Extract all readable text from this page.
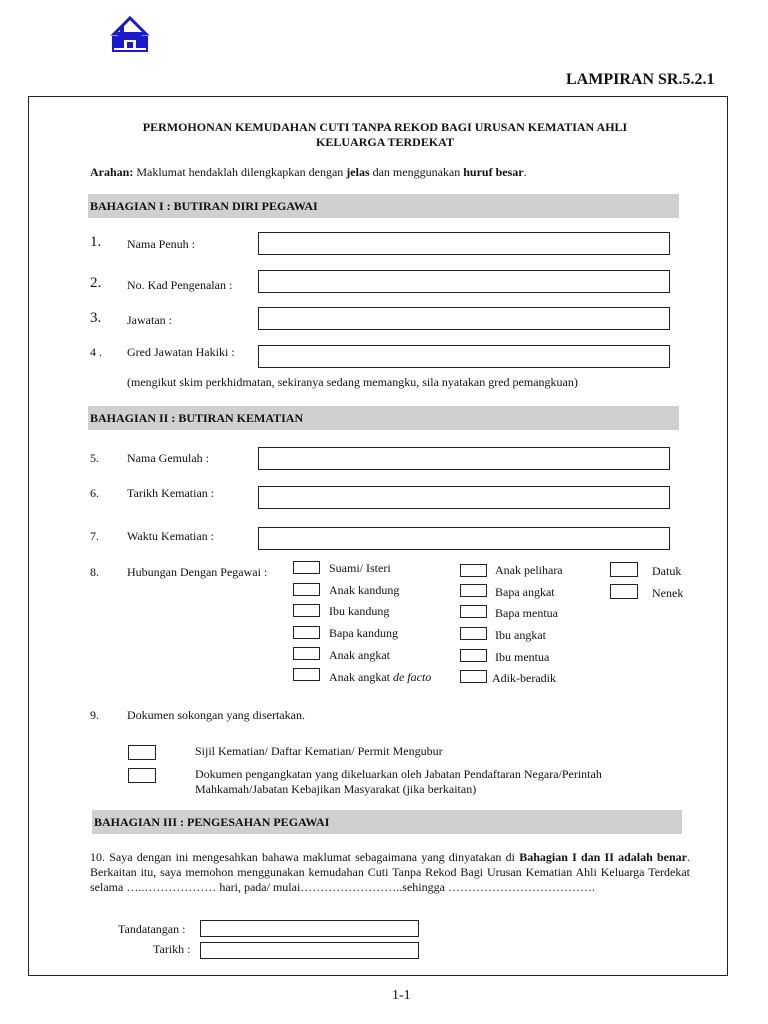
LAMPIRAN SR.5.2.1
PERMOHONAN KEMUDAHAN CUTI TANPA REKOD BAGI URUSAN KEMATIAN AHLI
KELUARGA TERDEKAT
Arahan: Maklumat hendaklah dilengkapkan dengan jelas dan menggunakan huruf besar.
BAHAGIAN I : BUTIRAN DIRI PEGAWAI
1. Nama Penuh :
2. No. Kad Pengenalan :
3. Jawatan :
4 . Gred Jawatan Hakiki :
(mengikut skim perkhidmatan, sekiranya sedang memangku, sila nyatakan gred pemangkuan)
BAHAGIAN II : BUTIRAN KEMATIAN
5. Nama Gemulah :
6. Tarikh Kematian :
7. Waktu Kematian :
8. Hubungan Dengan Pegawai :	Suami/ Isteri
Anak kandung
Ibu kandung
Bapa kandung
Anak angkat
Anak angkat de facto
Anak pelihara
Bapa angkat
Bapa mentua
Ibu angkat
Ibu mentua
Adik-beradik
Datuk
Nenek
9. Dokumen sokongan yang disertakan.
Sijil Kematian/ Daftar Kematian/ Permit Mengubur
Dokumen pengangkatan yang dikeluarkan oleh Jabatan Pendaftaran Negara/Perintah
Mahkamah/Jabatan Kebajikan Masyarakat (jika berkaitan)
BAHAGIAN III : PENGESAHAN PEGAWAI
10. Saya dengan ini mengesahkan bahawa maklumat sebagaimana yang dinyatakan di Bahagian I dan II adalah benar. Berkaitan itu, saya memohon menggunakan kemudahan Cuti Tanpa Rekod Bagi Urusan Kematian Ahli Keluarga Terdekat selama …..……………… hari, pada/ mulai……………………..sehingga ……………………………….
Tandatangan :
Tarikh :
1-1
